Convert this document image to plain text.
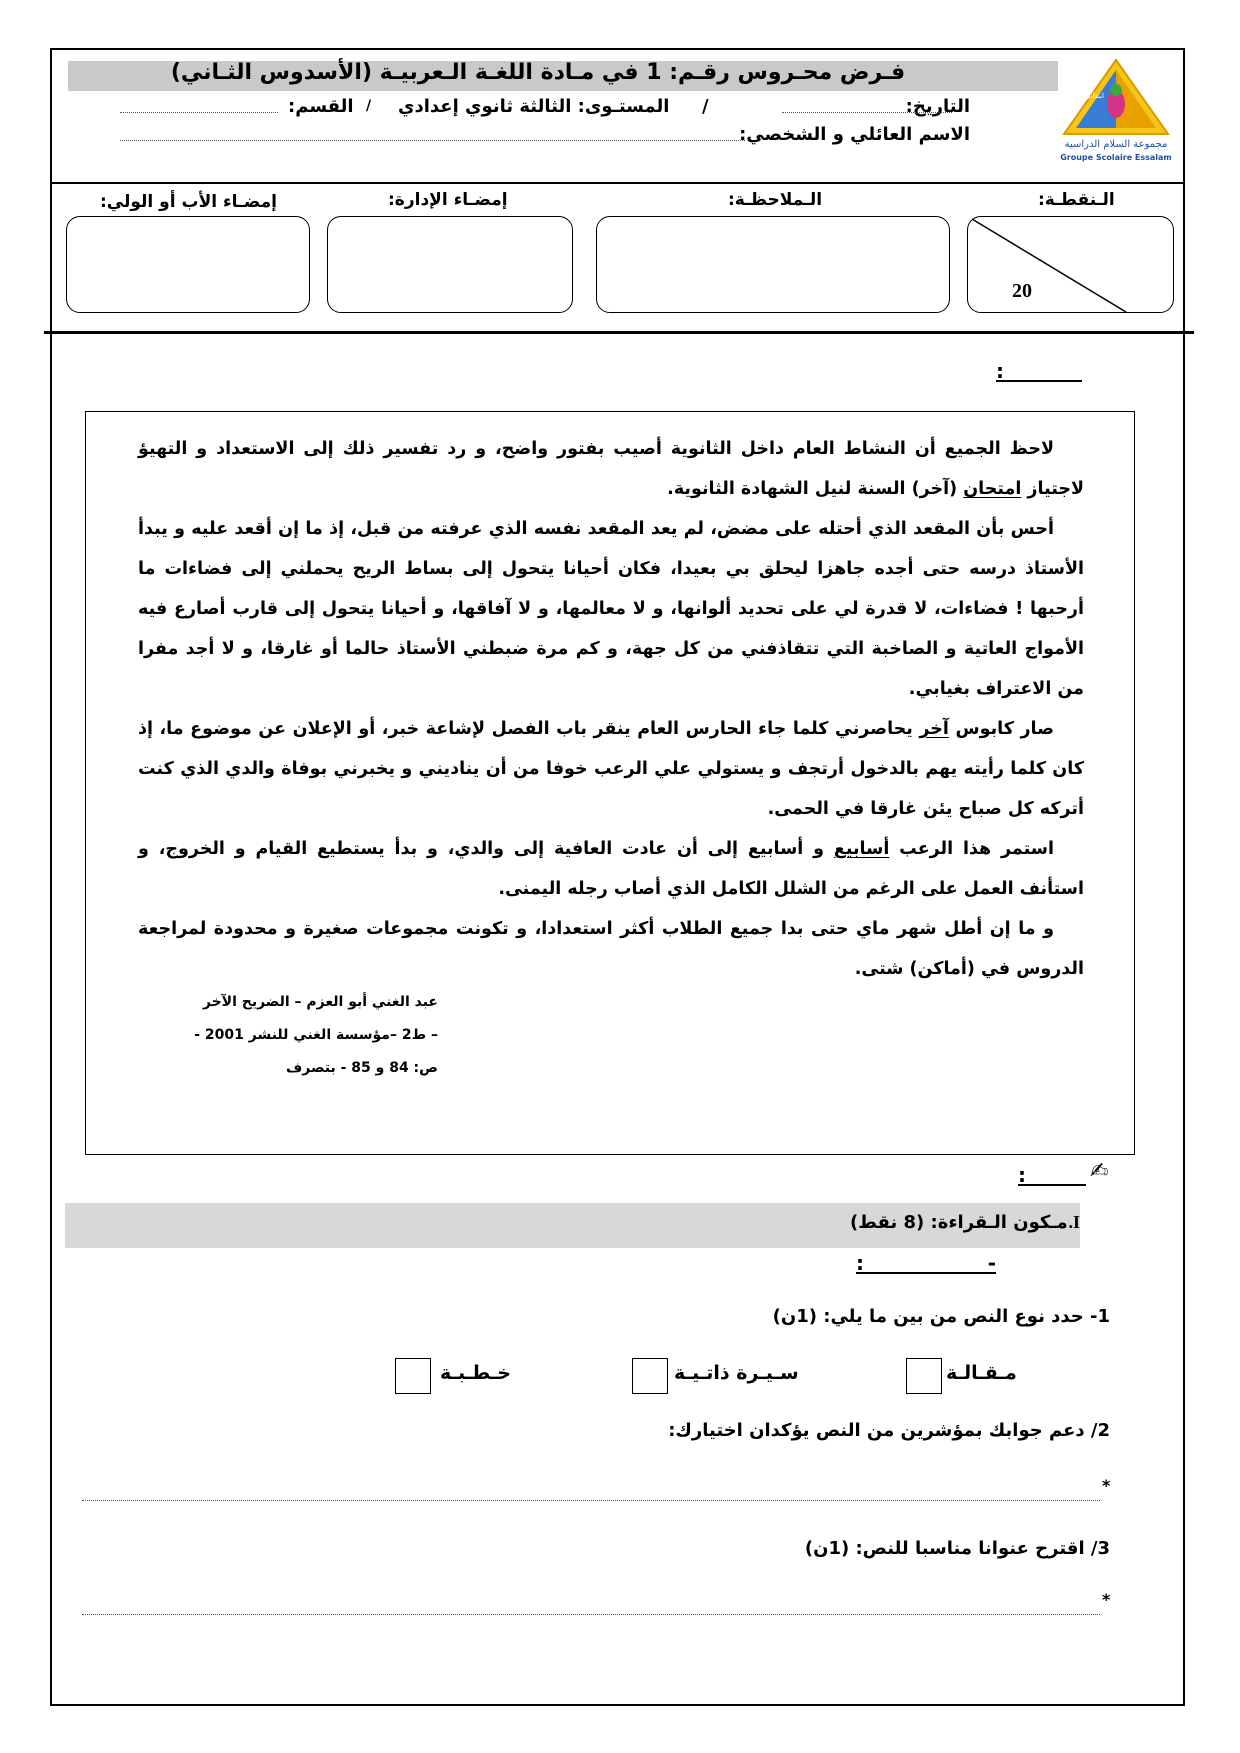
فـرض محـروس رقـم: 1 في مـادة اللغـة الـعربيـة (الأسدوس الثـاني)
ابتدائي إعدادي
مجموعة السلام الدراسية
Groupe Scolaire Essalam
التاريخ:
/
المستـوى: الثالثة ثانوي إعدادي
/
القسم:
الاسم العائلي و الشخصي:
الـنقطـة:
الـملاحظـة:
إمضـاء الإدارة:
إمضـاء الأب أو الولي:
20
:

لاحظ الجميع أن النشاط العام داخل الثانوية أصيب بفتور واضح، و رد تفسير ذلك إلى الاستعداد و التهيؤ لاجتياز امتحان (آخر) السنة لنيل الشهادة الثانوية.

أحس بأن المقعد الذي أحتله على مضض، لم يعد المقعد نفسه الذي عرفته من قبل، إذ ما إن أقعد عليه و يبدأ الأستاذ درسه حتى أجده جاهزا ليحلق بي بعيدا، فكان أحيانا يتحول إلى بساط الريح يحملني إلى فضاءات ما أرحبها ! فضاءات، لا قدرة لي على تحديد ألوانها، و لا معالمها، و لا آفاقها، و أحيانا يتحول إلى قارب أصارع فيه الأمواج العاتية و الصاخبة التي تتقاذفني من كل جهة، و كم مرة ضبطني الأستاذ حالما أو غارقا، و لا أجد مفرا من الاعتراف بغيابي.

صار كابوس آخر يحاصرني كلما جاء الحارس العام ينقر باب الفصل لإشاعة خبر، أو الإعلان عن موضوع ما، إذ كان كلما رأيته يهم بالدخول أرتجف و يستولي علي الرعب خوفا من أن يناديني و يخبرني بوفاة والدي الذي كنت أتركه كل صباح يئن غارقا في الحمى.

استمر هذا الرعب أسابيع و أسابيع إلى أن عادت العافية إلى والدي، و بدأ يستطيع القيام و الخروج، و استأنف العمل على الرغم من الشلل الكامل الذي أصاب رجله اليمنى.

و ما إن أطل شهر ماي حتى بدا جميع الطلاب أكثر استعدادا، و تكونت مجموعات صغيرة و محدودة لمراجعة الدروس في (أماكن) شتى.

عبد الغني أبو العزم – الضريح الآخر
– ط2 –مؤسسة الغني للنشر 2001 -
ص: 84 و 85 - بتصرف
✍
:
I.
مـكون الـقراءة: (8 نقط)
:	-
1- حدد نوع النص من بين ما يلي: (1ن)
مـقـالـة
سـيـرة ذاتـيـة
خـطـبـة
2/ دعم جوابك بمؤشرين من النص يؤكدان اختيارك:
*
3/ اقترح عنوانا مناسبا للنص: (1ن)
*
